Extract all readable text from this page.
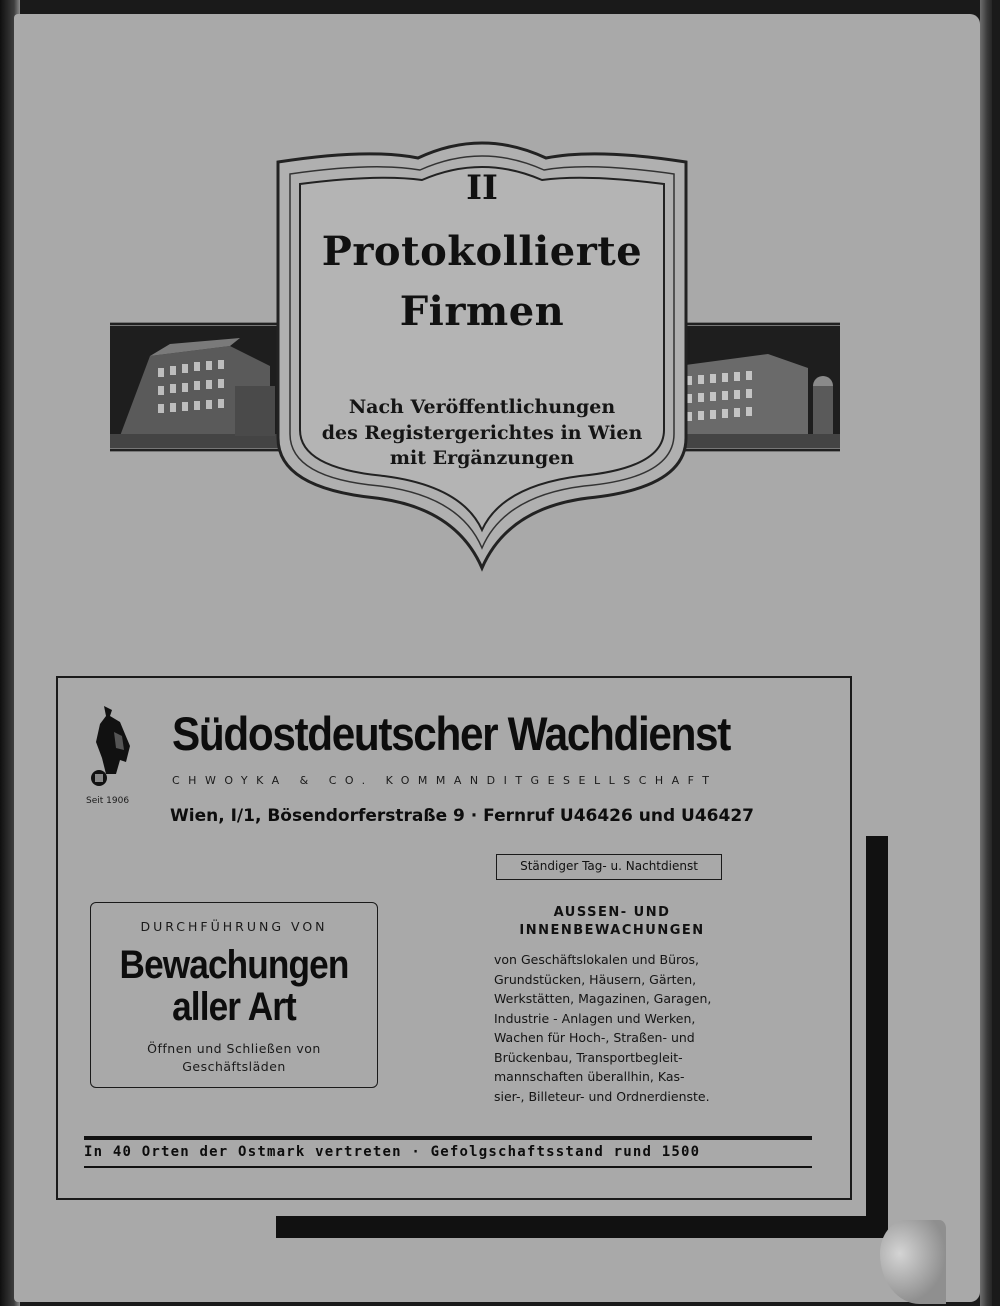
II
Protokollierte
Firmen
Nach Veröffentlichungen
des Registergerichtes in Wien
mit Ergänzungen
Seit 1906
Südostdeutscher Wachdienst
CHWOYKA & CO. KOMMANDITGESELLSCHAFT
Wien, I/1, Bösendorferstraße 9 · Fernruf U46426 und U46427
Ständiger Tag- u. Nachtdienst
DURCHFÜHRUNG VON
Bewachungen
aller Art
Öffnen und Schließen von
Geschäftsläden
AUSSEN- UND
INNENBEWACHUNGEN
von Geschäftslokalen und Büros,
Grundstücken, Häusern, Gärten,
Werkstätten, Magazinen, Garagen,
Industrie - Anlagen und Werken,
Wachen für Hoch-, Straßen- und
Brückenbau, Transportbegleit-
mannschaften überallhin, Kas-
sier-, Billeteur- und Ordnerdienste.
In 40 Orten der Ostmark vertreten · Gefolgschaftsstand rund 1500
